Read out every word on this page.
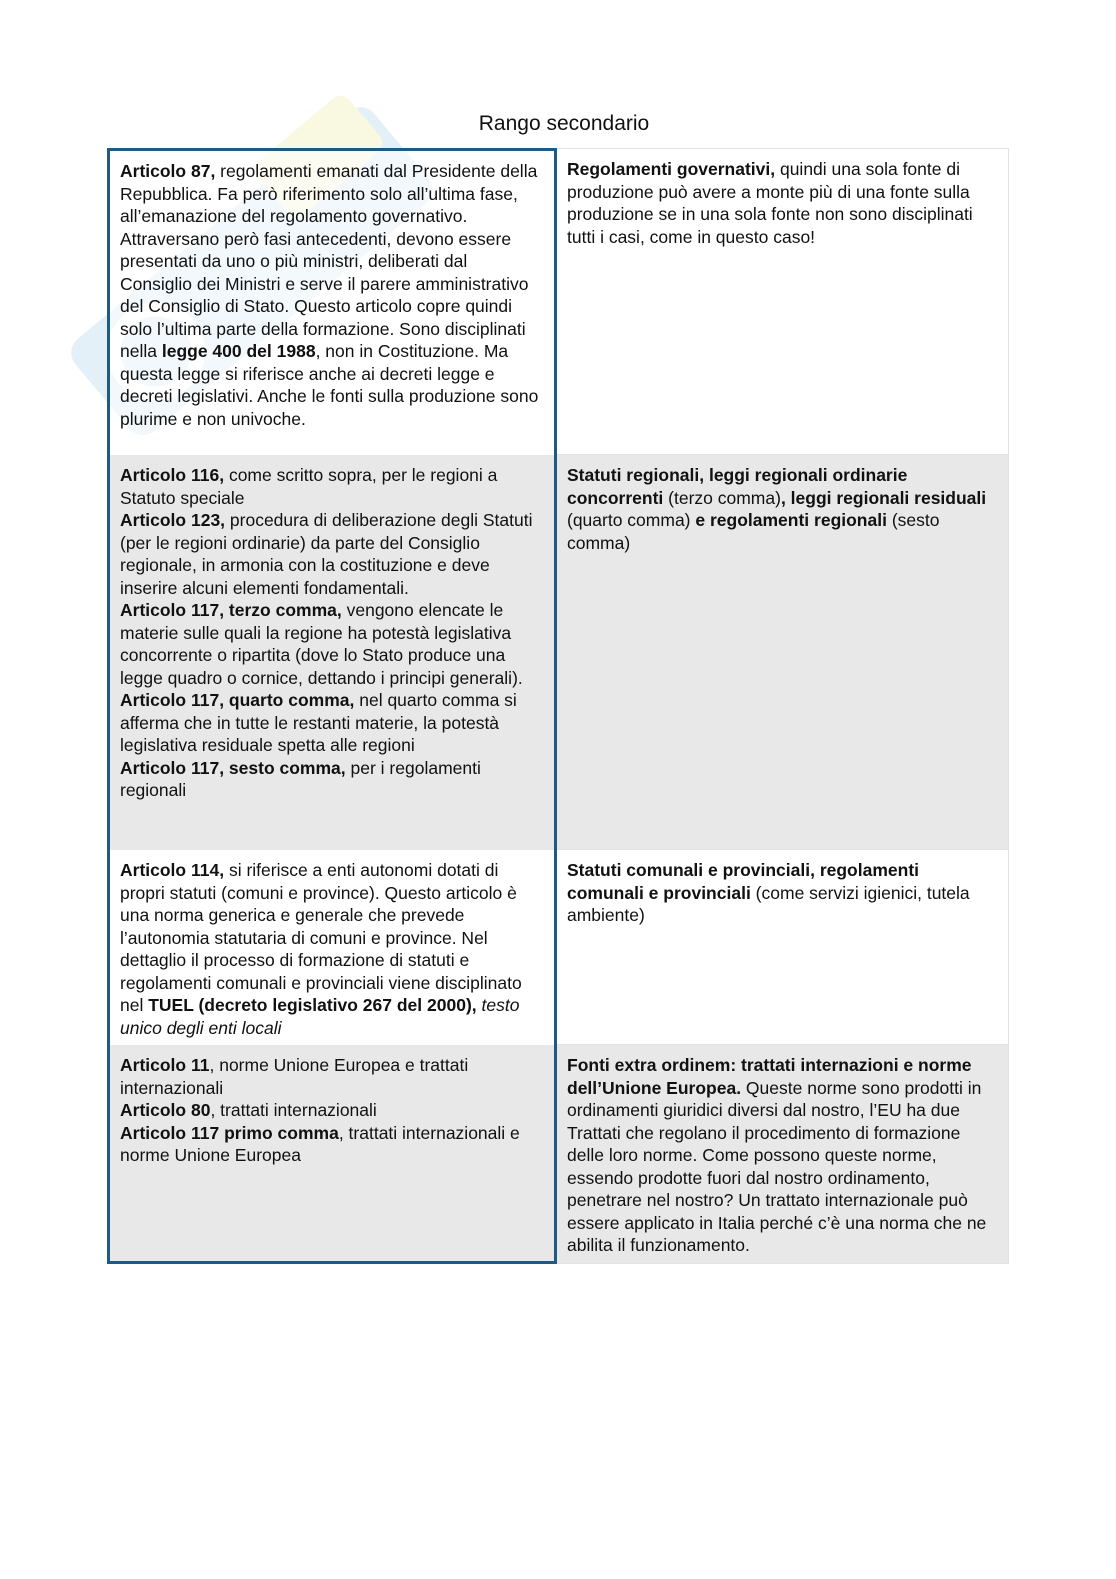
Rango secondario
Articolo 87, regolamenti emanati dal Presidente della Repubblica. Fa però riferimento solo all’ultima fase, all’emanazione del regolamento governativo. Attraversano però fasi antecedenti, devono essere presentati da uno o più ministri, deliberati dal Consiglio dei Ministri e serve il parere amministrativo del Consiglio di Stato. Questo articolo copre quindi solo l’ultima parte della formazione. Sono disciplinati nella legge 400 del 1988, non in Costituzione. Ma questa legge si riferisce anche ai decreti legge e decreti legislativi. Anche le fonti sulla produzione sono plurime e non univoche.
Regolamenti governativi, quindi una sola fonte di produzione può avere a monte più di una fonte sulla produzione se in una sola fonte non sono disciplinati tutti i casi, come in questo caso!
Articolo 116, come scritto sopra, per le regioni a Statuto speciale
Articolo 123, procedura di deliberazione degli Statuti (per le regioni ordinarie) da parte del Consiglio regionale, in armonia con la costituzione e deve inserire alcuni elementi fondamentali.
Articolo 117, terzo comma, vengono elencate le materie sulle quali la regione ha potestà legislativa concorrente o ripartita (dove lo Stato produce una legge quadro o cornice, dettando i principi generali).
Articolo 117, quarto comma, nel quarto comma si afferma che in tutte le restanti materie, la potestà legislativa residuale spetta alle regioni
Articolo 117, sesto comma, per i regolamenti regionali
Statuti regionali, leggi regionali ordinarie concorrenti (terzo comma), leggi regionali residuali (quarto comma) e regolamenti regionali (sesto comma)
Articolo 114, si riferisce a enti autonomi dotati di propri statuti (comuni e province). Questo articolo è una norma generica e generale che prevede l’autonomia statutaria di comuni e province. Nel dettaglio il processo di formazione di statuti e regolamenti comunali e provinciali viene disciplinato nel TUEL (decreto legislativo 267 del 2000), testo unico degli enti locali
Statuti comunali e provinciali, regolamenti comunali e provinciali (come servizi igienici, tutela ambiente)
Articolo 11, norme Unione Europea e trattati internazionali
Articolo 80, trattati internazionali
Articolo 117 primo comma, trattati internazionali e norme Unione Europea
Fonti extra ordinem: trattati internazioni e norme dell’Unione Europea. Queste norme sono prodotti in ordinamenti giuridici diversi dal nostro, l’EU ha due Trattati che regolano il procedimento di formazione delle loro norme. Come possono queste norme, essendo prodotte fuori dal nostro ordinamento, penetrare nel nostro? Un trattato internazionale può essere applicato in Italia perché c’è una norma che ne abilita il funzionamento.
